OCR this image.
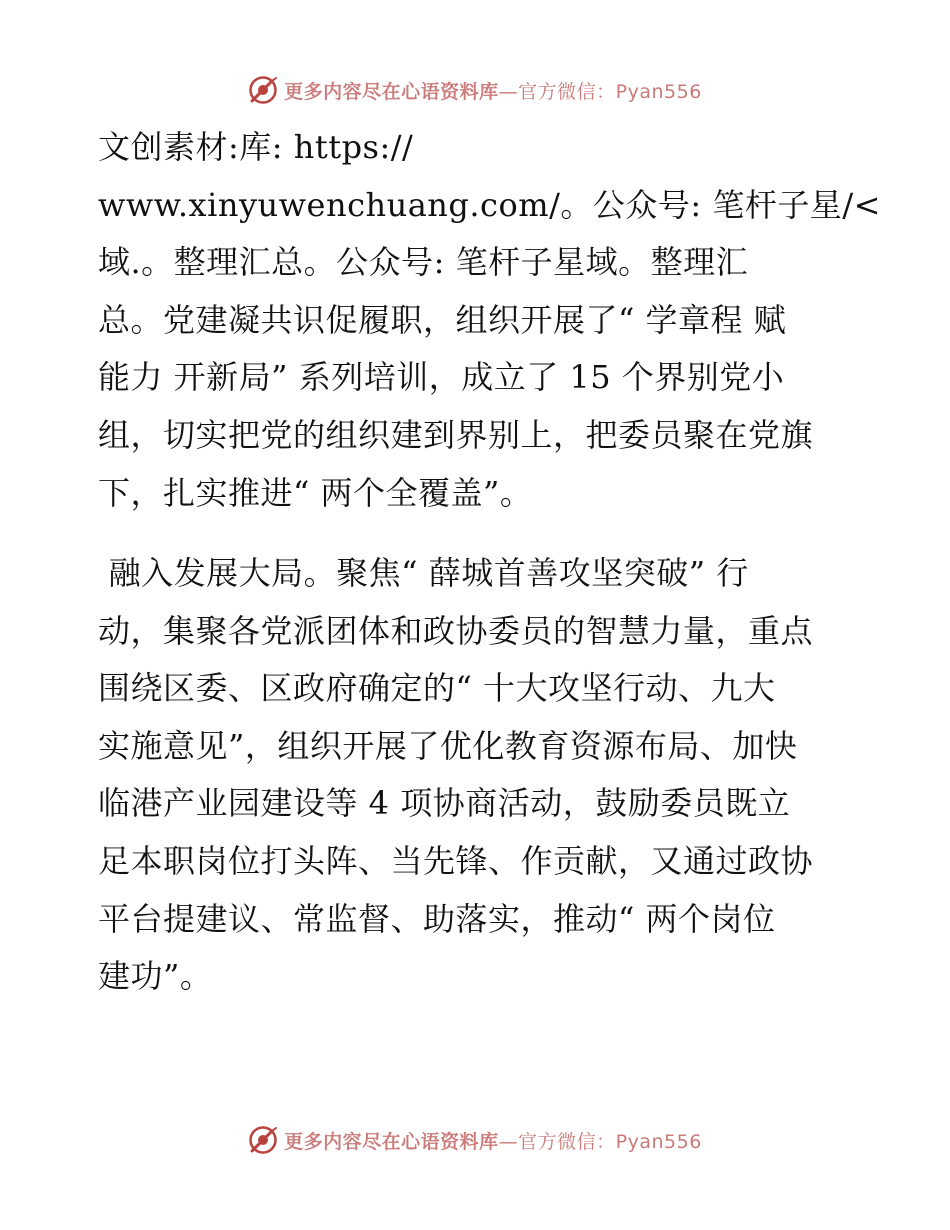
更多内容尽在心语资料库—官方微信：Pyan556
文创素材:库: https://
www.xinyuwenchuang.com/。公众号: 笔杆子星/<
域.。整理汇总。公众号: 笔杆子星域。整理汇
总。党建凝共识促履职，组织开展了“ 学章程 赋
能力 开新局” 系列培训，成立了 15 个界别党小
组，切实把党的组织建到界别上，把委员聚在党旗
下，扎实推进“ 两个全覆盖”。
融入发展大局。聚焦“ 薛城首善攻坚突破” 行
动，集聚各党派团体和政协委员的智慧力量，重点
围绕区委、区政府确定的“ 十大攻坚行动、九大
实施意见”，组织开展了优化教育资源布局、加快
临港产业园建设等 4 项协商活动，鼓励委员既立
足本职岗位打头阵、当先锋、作贡献，又通过政协
平台提建议、常监督、助落实，推动“ 两个岗位
建功”。
更多内容尽在心语资料库—官方微信：Pyan556
